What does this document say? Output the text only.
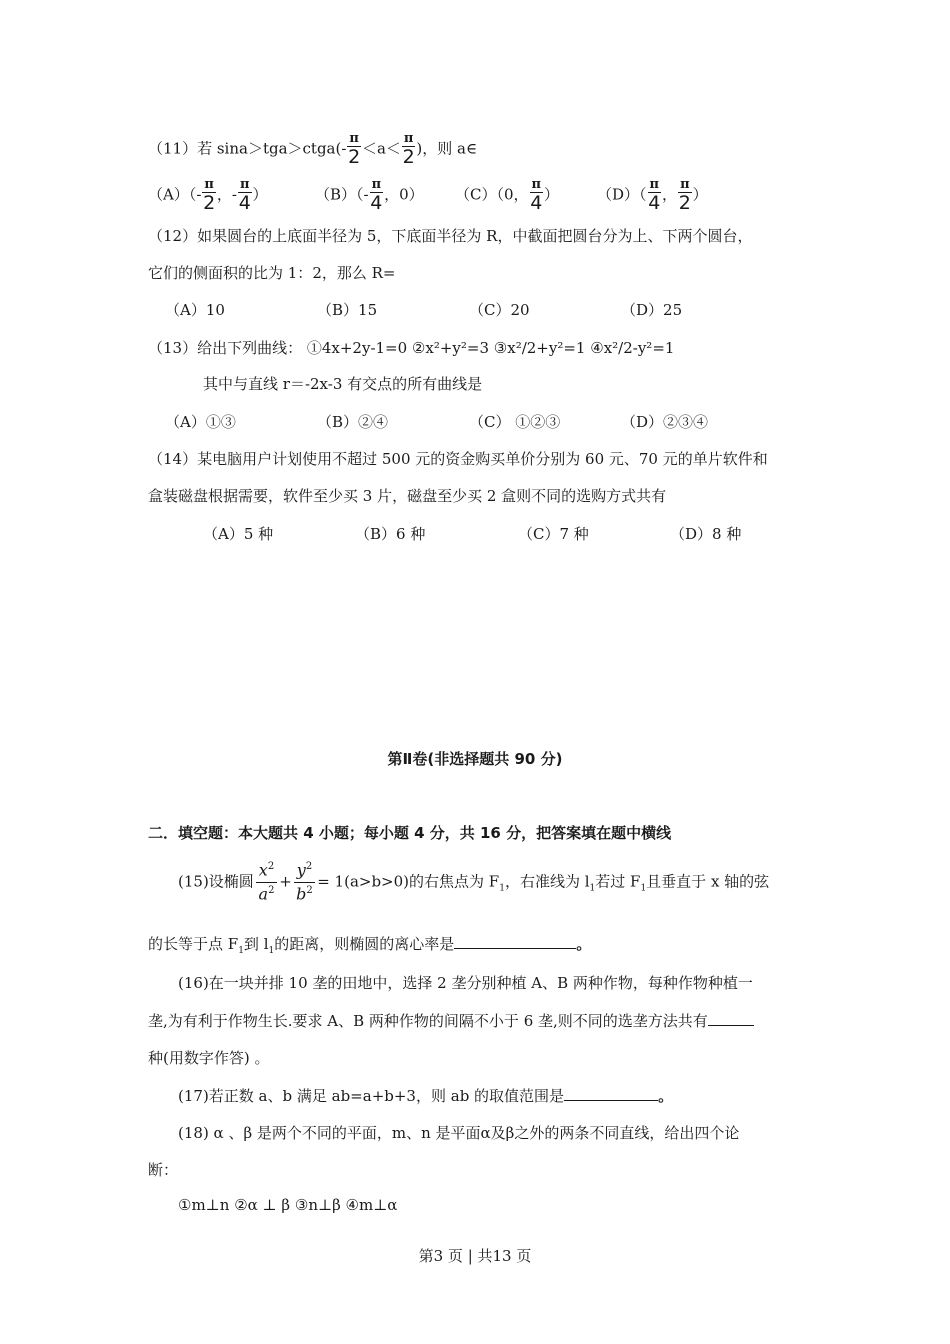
（11）若 sina＞tga＞ctga(- $\frac{\pi}{2} <a< \frac{\pi}{2}$ )，则 a∈
$(A)(- \frac{\pi}{2}$ ，- $\frac{\pi}{4}$ ）	$(B)(- \frac{\pi}{4}$ ，0） （C）（0， $\frac{\pi}{4}$ ）	$(D)( \frac{\pi}{4}$ ， $\frac{\pi}{2}$ ）
（12）如果圆台的上底面半径为 5，下底面半径为 R，中截面把圆台分为上、下两个圆台，
它们的侧面积的比为 1：2，那么 R=
（A）10	（B）15	（C）20	（D）25
（13）给出下列曲线： ①4x+2y-1=0 ②x²+y²=3 ③x²/2+y²=1 ④x²/2-y²=1
其中与直线 r＝-2x-3 有交点的所有曲线是
（A）①③	（B）②④	（C） ①②③	（D）②③④
（14）某电脑用户计划使用不超过 500 元的资金购买单价分别为 60 元、70 元的单片软件和
盒装磁盘根据需要，软件至少买 3 片，磁盘至少买 2 盒则不同的选购方式共有
（A）5 种	（B）6 种	（C）7 种	（D）8 种
第Ⅱ卷(非选择题共 90 分)
二．填空题：本大题共 4 小题；每小题 4 分，共 16 分，把答案填在题中横线
(15)设椭圆 $\frac{x^2}{a^2} + \frac{y^2}{b^2} = 1(a>b>0)$的右焦点为 $F_1$，右准线为 $l_1$若过 $F_1$且垂直于 x 轴的弦
的长等于点 $F_1$到 $l_1$的距离，则椭圆的离心率是	。
(16)在一块并排 10 垄的田地中，选择 2 垄分别种植 A、B 两种作物，每种作物种植一
垄,为有利于作物生长.要求 A、B 两种作物的间隔不小于 6 垄,则不同的选垄方法共有
种(用数字作答) 。
(17)若正数 a、b 满足 ab=a+b+3，则 ab 的取值范围是	。
(18) α 、β 是两个不同的平面，m、n 是平面α及β之外的两条不同直线，给出四个论
断：
①m⊥n ②α ⊥ β ③n⊥β ④m⊥α
第3 页 | 共13 页
